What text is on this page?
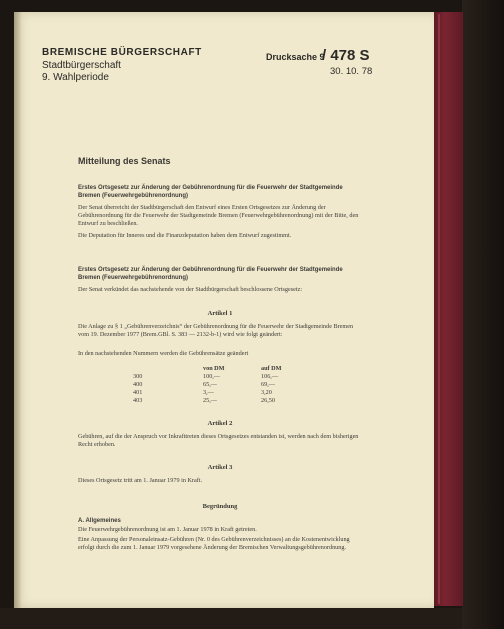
BREMISCHE BÜRGERSCHAFT
Stadtbürgerschaft
9. Wahlperiode
Drucksache 9
/ 478 S
30. 10. 78
Mitteilung des Senats
Erstes Ortsgesetz zur Änderung der Gebührenordnung für die Feuerwehr der Stadtgemeinde Bremen (Feuerwehrgebührenordnung)
Der Senat überreicht der Stadtbürgerschaft den Entwurf eines Ersten Ortsgesetzes zur Änderung der Gebührenordnung für die Feuerwehr der Stadtgemeinde Bremen (Feuerwehrgebührenordnung) mit der Bitte, den Entwurf zu beschließen.
Die Deputation für Inneres und die Finanzdeputation haben dem Entwurf zugestimmt.
Erstes Ortsgesetz zur Änderung der Gebührenordnung für die Feuerwehr der Stadtgemeinde Bremen (Feuerwehrgebührenordnung)
Der Senat verkündet das nachstehende von der Stadtbürgerschaft beschlossene Ortsgesetz:
Artikel 1
Die Anlage zu § 1 „Gebührenverzeichnis“ der Gebührenordnung für die Feuerwehr der Stadtgemeinde Bremen vom 19. Dezember 1977 (Brem.GBl. S. 383 — 2132-b-1) wird wie folgt geändert:
In den nachstehenden Nummern werden die Gebührensätze geändert
	von DM	auf DM
300	100,—	106,—
400	65,—	69,—
401	3,—	3,20
403	25,—	26,50
Artikel 2
Gebühren, auf die der Anspruch vor Inkrafttreten dieses Ortsgesetzes entstanden ist, werden nach dem bisherigen Recht erhoben.
Artikel 3
Dieses Ortsgesetz tritt am 1. Januar 1979 in Kraft.
Begründung
A. Allgemeines
Die Feuerwehrgebührenordnung ist am 1. Januar 1978 in Kraft getreten.
Eine Anpassung der Personaleinsatz-Gebühren (Nr. 0 des Gebührenverzeichnisses) an die Kostenentwicklung erfolgt durch die zum 1. Januar 1979 vorgesehene Änderung der Bremischen Verwaltungsgebührenordnung.
